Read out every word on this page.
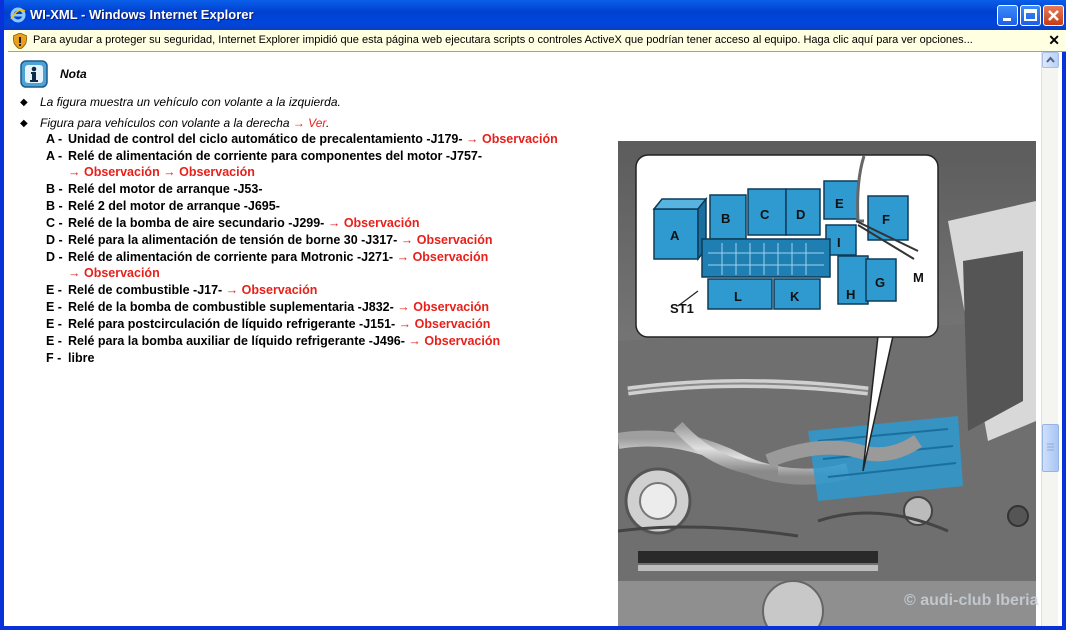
WI-XML - Windows Internet Explorer
Para ayudar a proteger su seguridad, Internet Explorer impidió que esta página web ejecutara scripts o controles ActiveX que podrían tener acceso al equipo. Haga clic aquí para ver opciones...	✕
Nota
◆ La figura muestra un vehículo con volante a la izquierda.
◆ Figura para vehículos con volante a la derecha → Ver.
A - Unidad de control del ciclo automático de precalentamiento -J179- → Observación
A - Relé de alimentación de corriente para componentes del motor -J757-
→ Observación → Observación
B - Relé del motor de arranque -J53-
B - Relé 2 del motor de arranque -J695-
C - Relé de la bomba de aire secundario -J299- → Observación
D - Relé para la alimentación de tensión de borne 30 -J317- → Observación
D - Relé de alimentación de corriente para Motronic -J271- → Observación
→ Observación
E - Relé de combustible -J17- → Observación
E - Relé de la bomba de combustible suplementaria -J832- → Observación
E - Relé para postcirculación de líquido refrigerante -J151- → Observación
E - Relé para la bomba auxiliar de líquido refrigerante -J496- → Observación
F - libre
A
B C D
E
F
G
H
I
K
L
M
ST1
© audi-club Iberia
